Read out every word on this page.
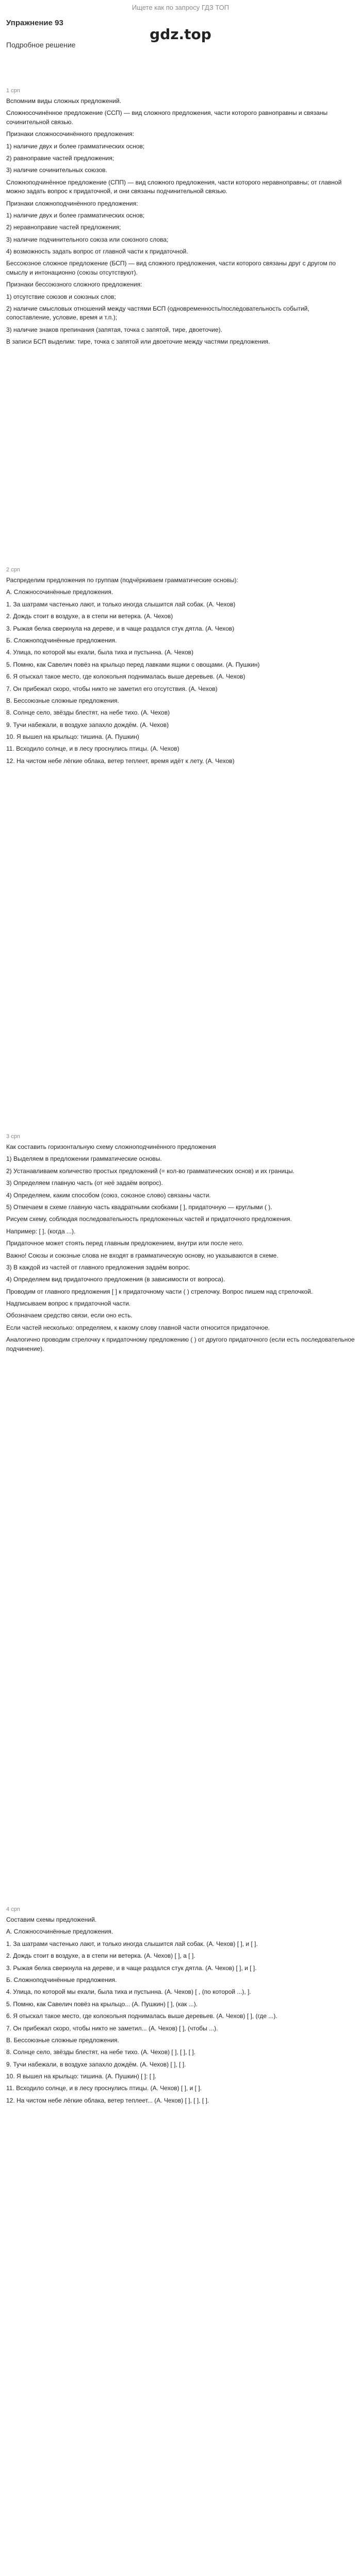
Ищете как по запросу ГДЗ ТОП
Упражнение 93
gdz.top
Подробное решение
1 сpn
Вспомним виды сложных предложений.
Сложносочинённое предложение (ССП) — вид сложного предложения, части которого равноправны и связаны сочинительной связью.
Признаки сложносочинённого предложения:
1) наличие двух и более грамматических основ;
2) равноправие частей предложения;
3) наличие сочинительных союзов.
Сложноподчинённое предложение (СПП) — вид сложного предложения, части которого неравноправны; от главной можно задать вопрос к придаточной, и они связаны подчинительной связью.
Признаки сложноподчинённого предложения:
1) наличие двух и более грамматических основ;
2) неравноправие частей предложения;
3) наличие подчинительного союза или союзного слова;
4) возможность задать вопрос от главной части к придаточной.
Бессоюзное сложное предложение (БСП) — вид сложного предложения, части которого связаны друг с другом по смыслу и интонационно (союзы отсутствуют).
Признаки бессоюзного сложного предложения:
1) отсутствие союзов и союзных слов;
2) наличие смысловых отношений между частями БСП (одновременность/последовательность событий, сопоставление, условие, время и т.п.);
3) наличие знаков препинания (запятая, точка с запятой, тире, двоеточие).
В записи БСП выделим: тире, точка с запятой или двоеточие между частями предложения.
2 сpn
Распределим предложения по группам (подчёркиваем грамматические основы):
А. Сложносочинённые предложения.
1. За шатрами частенько лают, и только иногда слышится лай собак. (А. Чехов)
2. Дождь стоит в воздухе, а в степи ни ветерка. (А. Чехов)
3. Рыжая белка сверкнула на дереве, и в чаще раздался стук дятла. (А. Чехов)
Б. Сложноподчинённые предложения.
4. Улица, по которой мы ехали, была тиха и пустынна. (А. Чехов)
5. Помню, как Савелич повёз на крыльцо перед лавками ящики с овощами. (А. Пушкин)
6. Я отыскал такое место, где колокольня поднималась выше деревьев. (А. Чехов)
7. Он прибежал скоро, чтобы никто не заметил его отсутствия. (А. Чехов)
В. Бессоюзные сложные предложения.
8. Солнце село, звёзды блестят, на небе тихо. (А. Чехов)
9. Тучи набежали, в воздухе запахло дождём. (А. Чехов)
10. Я вышел на крыльцо: тишина. (А. Пушкин)
11. Всходило солнце, и в лесу проснулись птицы. (А. Чехов)
12. На чистом небе лёгкие облака, ветер теплеет, время идёт к лету. (А. Чехов)
3 сpn
Как составить горизонтальную схему сложноподчинённого предложения
1) Выделяем в предложении грамматические основы.
2) Устанавливаем количество простых предложений (= кол-во грамматических основ) и их границы.
3) Определяем главную часть (от неё задаём вопрос).
4) Определяем, каким способом (союз, союзное слово) связаны части.
5) Отмечаем в схеме главную часть квадратными скобками [ ], придаточную — круглыми ( ).
Рисуем схему, соблюдая последовательность предложенных частей и придаточного предложения.
Например: [ ], (когда ...).
Придаточное может стоять перед главным предложением, внутри или после него.
Важно! Союзы и союзные слова не входят в грамматическую основу, но указываются в схеме.
3) В каждой из частей от главного предложения задаём вопрос.
4) Определяем вид придаточного предложения (в зависимости от вопроса).
Проводим от главного предложения [ ] к придаточному части ( ) стрелочку. Вопрос пишем над стрелочкой.
Надписываем вопрос к придаточной части.
Обозначаем средство связи, если оно есть.
Если частей несколько: определяем, к какому слову главной части относится придаточное.
Аналогично проводим стрелочку к придаточному предложению ( ) от другого придаточного (если есть последовательное подчинение).
4 сpn
Составим схемы предложений.
А. Сложносочинённые предложения.
1. За шатрами частенько лают, и только иногда слышится лай собак. (А. Чехов) [ ], и [ ].
2. Дождь стоит в воздухе, а в степи ни ветерка. (А. Чехов) [ ], а [ ].
3. Рыжая белка сверкнула на дереве, и в чаще раздался стук дятла. (А. Чехов) [ ], и [ ].
Б. Сложноподчинённые предложения.
4. Улица, по которой мы ехали, была тиха и пустынна. (А. Чехов) [ , (по которой ...), ].
5. Помню, как Савелич повёз на крыльцо... (А. Пушкин) [ ], (как ...).
6. Я отыскал такое место, где колокольня поднималась выше деревьев. (А. Чехов) [ ], (где ...).
7. Он прибежал скоро, чтобы никто не заметил... (А. Чехов) [ ], (чтобы ...).
В. Бессоюзные сложные предложения.
8. Солнце село, звёзды блестят, на небе тихо. (А. Чехов) [ ], [ ], [ ].
9. Тучи набежали, в воздухе запахло дождём. (А. Чехов) [ ], [ ].
10. Я вышел на крыльцо: тишина. (А. Пушкин) [ ]: [ ].
11. Всходило солнце, и в лесу проснулись птицы. (А. Чехов) [ ], и [ ].
12. На чистом небе лёгкие облака, ветер теплеет... (А. Чехов) [ ], [ ], [ ].
